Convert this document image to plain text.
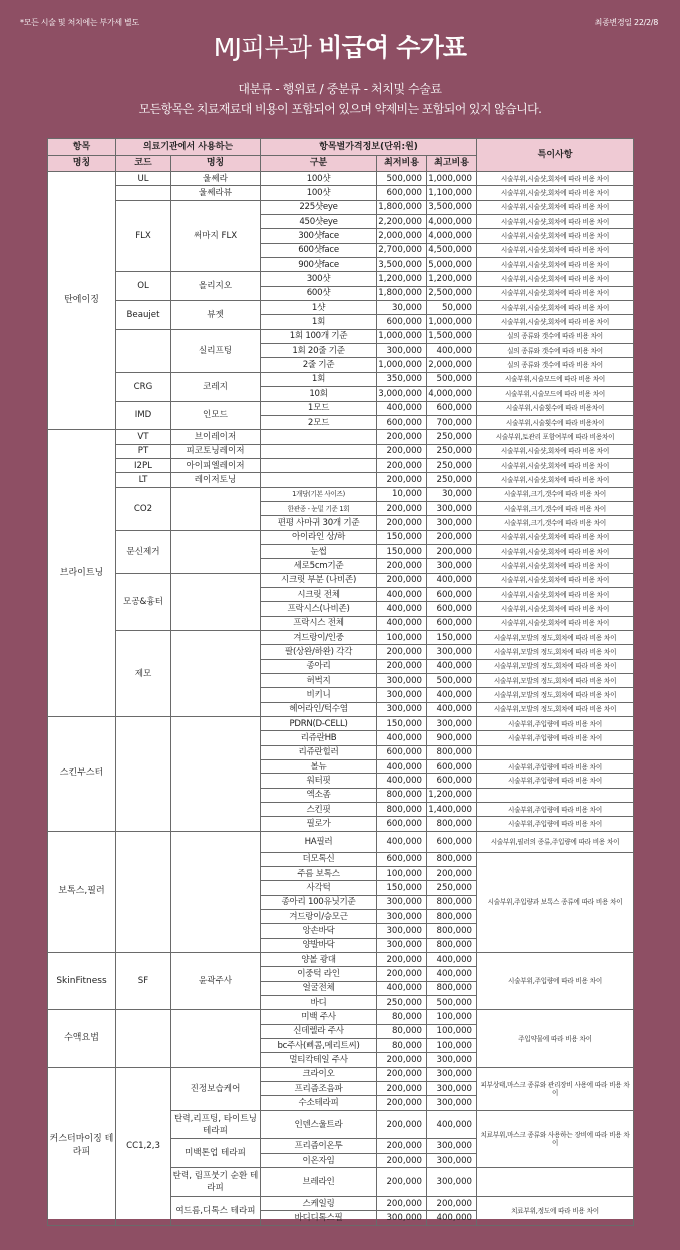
*모든 시술 및 처치에는 부가세 별도	최종변경일 22/2/8
MJ피부과 비급여 수가표
대분류 - 행위료 / 중분류 - 처치및 수술료
모든항목은 치료재료대 비용이 포함되어 있으며 약제비는 포함되어 있지 않습니다.
항목	의료기관에서 사용하는		항목별가격정보(단위:원)			특이사항
명칭	코드	명칭	구분	최저비용	최고비용	
탄에이징	UL	울쎄라	100샷	500,000	1,000,000	시술부위,시술샷,회차에 따라 비용 차이
		울쎄라뷰	100샷	600,000	1,100,000	시술부위,시술샷,회차에 따라 비용 차이
	FLX	써마지 FLX	225샷eye	1,800,000	3,500,000	시술부위,시술샷,회차에 따라 비용 차이
			450샷eye	2,200,000	4,000,000	시술부위,시술샷,회차에 따라 비용 차이
			300샷face	2,000,000	4,000,000	시술부위,시술샷,회차에 따라 비용 차이
			600샷face	2,700,000	4,500,000	시술부위,시술샷,회차에 따라 비용 차이
			900샷face	3,500,000	5,000,000	시술부위,시술샷,회차에 따라 비용 차이
	OL	올리지오	300샷	1,200,000	1,200,000	시술부위,시술샷,회차에 따라 비용 차이
			600샷	1,800,000	2,500,000	시술부위,시술샷,회차에 따라 비용 차이
	Beaujet	뷰젯	1샷	30,000	50,000	시술부위,시술샷,회차에 따라 비용 차이
			1회	600,000	1,000,000	시술부위,시술샷,회차에 따라 비용 차이
		실리프팅	1회 100개 기준	1,000,000	1,500,000	실의 종류와 갯수에 따라 비용 차이
			1회 20줄 기준	300,000	400,000	실의 종류와 갯수에 따라 비용 차이
			2줄 기준	1,000,000	2,000,000	실의 종류와 갯수에 따라 비용 차이
	CRG	코레지	1회	350,000	500,000	시술부위,시술모드에 따라 비용 차이
			10회	3,000,000	4,000,000	시술부위,시술모드에 따라 비용 차이
	IMD	인모드	1모드	400,000	600,000	시술부위,시술횟수에 따라 비용차이
			2모드	600,000	700,000	시술부위,시술횟수에 따라 비용차이
브라이트닝	VT	브이레이저		200,000	250,000	시술부위,토관리 포함여부에 따라 비용차이
	PT	피코토닝레이저		200,000	250,000	시술부위,시술샷,회차에 따라 비용 차이
	I2PL	아이피엘레이저		200,000	250,000	시술부위,시술샷,회차에 따라 비용 차이
	LT	레이저토닝		200,000	250,000	시술부위,시술샷,회차에 따라 비용 차이
	CO2		1개당(기본 사이즈)	10,000	30,000	시술부위,크기,갯수에 따라 비용 차이
			한관종 - 눈밑 기준 1회	200,000	300,000	시술부위,크기,갯수에 따라 비용 차이
			편평 사마귀 30개 기준	200,000	300,000	시술부위,크기,갯수에 따라 비용 차이
	문신제거		아이라인 상/하	150,000	200,000	시술부위,시술샷,회차에 따라 비용 차이
			눈썹	150,000	200,000	시술부위,시술샷,회차에 따라 비용 차이
			세로5cm기준	200,000	300,000	시술부위,시술샷,회차에 따라 비용 차이
	모공&흉터		시크릿 부분 (나비존)	200,000	400,000	시술부위,시술샷,회차에 따라 비용 차이
			시크릿 전체	400,000	600,000	시술부위,시술샷,회차에 따라 비용 차이
			프락시스(나비존)	400,000	600,000	시술부위,시술샷,회차에 따라 비용 차이
			프락시스 전체	400,000	600,000	시술부위,시술샷,회차에 따라 비용 차이
	제모		겨드랑이/인중	100,000	150,000	시술부위,모발의 정도,회차에 따라 비용 차이
			팔(상완/하완) 각각	200,000	300,000	시술부위,모발의 정도,회차에 따라 비용 차이
			종아리	200,000	400,000	시술부위,모발의 정도,회차에 따라 비용 차이
			허벅지	300,000	500,000	시술부위,모발의 정도,회차에 따라 비용 차이
			비키니	300,000	400,000	시술부위,모발의 정도,회차에 따라 비용 차이
			헤어라인/턱수염	300,000	400,000	시술부위,모발의 정도,회차에 따라 비용 차이
스킨부스터			PDRN(D-CELL)	150,000	300,000	시술부위,주입량에 따라 비용 차이
			리쥬란HB	400,000	900,000	시술부위,주입량에 따라 비용 차이
			리쥬란힐러	600,000	800,000	
			볼뉴	400,000	600,000	시술부위,주입량에 따라 비용 차이
			워터핏	400,000	600,000	시술부위,주입량에 따라 비용 차이
			엑소좀	800,000	1,200,000	
			스킨핏	800,000	1,400,000	시술부위,주입량에 따라 비용 차이
			필로가	600,000	800,000	시술부위,주입량에 따라 비용 차이
보톡스,필러			HA필러	400,000	600,000	시술부위,필러의 종류,주입량에 따라 비용 차이
			더모톡신	600,000	800,000	시술부위,주입량과 보톡스 종류에 따라 비용 차이
			주름 보톡스	100,000	200,000	
			사각턱	150,000	250,000	
			종아리 100유닛기준	300,000	800,000	
			겨드랑이/승모근	300,000	800,000	
			앙손바닥	300,000	800,000	
			양발바닥	300,000	800,000	
SkinFitness	SF	윤곽주사	양볼 광대	200,000	400,000	시술부위,주입량에 따라 비용 차이
			이중턱 라인	200,000	400,000	
			얼굴전체	400,000	800,000	
			바디	250,000	500,000	
수액요법			미백 주사	80,000	100,000	주입약물에 따라 비용 차이
			신데렐라 주사	80,000	100,000	
			bc주사(삐콤,메리트씨)	80,000	100,000	
			멀티칵테일 주사	200,000	300,000	
커스터마이징 테라피	CC1,2,3	진정보습케어	크라이오	200,000	300,000	피부상태,마스크 종류와 관리장비 사용에 따라 비용 차이
			프리즘조음파	200,000	300,000	
			수소테라피	200,000	300,000	
		탄력,리프팅, 타이트닝테라피	인덴스울트라	200,000	400,000	치료부위,마스크 종류와 사용하는 장비에 따라 비용 차이
		미백톤업 테라피	프리즘이온투	200,000	300,000	
			이온자임	200,000	300,000	
		탄력, 림프붓기 순환 테라피	브레라인	200,000	300,000	
		여드름,디톡스 테라피	스케일링	200,000	200,000	치료부위,정도에 따라 비용 차이
			바디디톡스필	300,000	400,000	
